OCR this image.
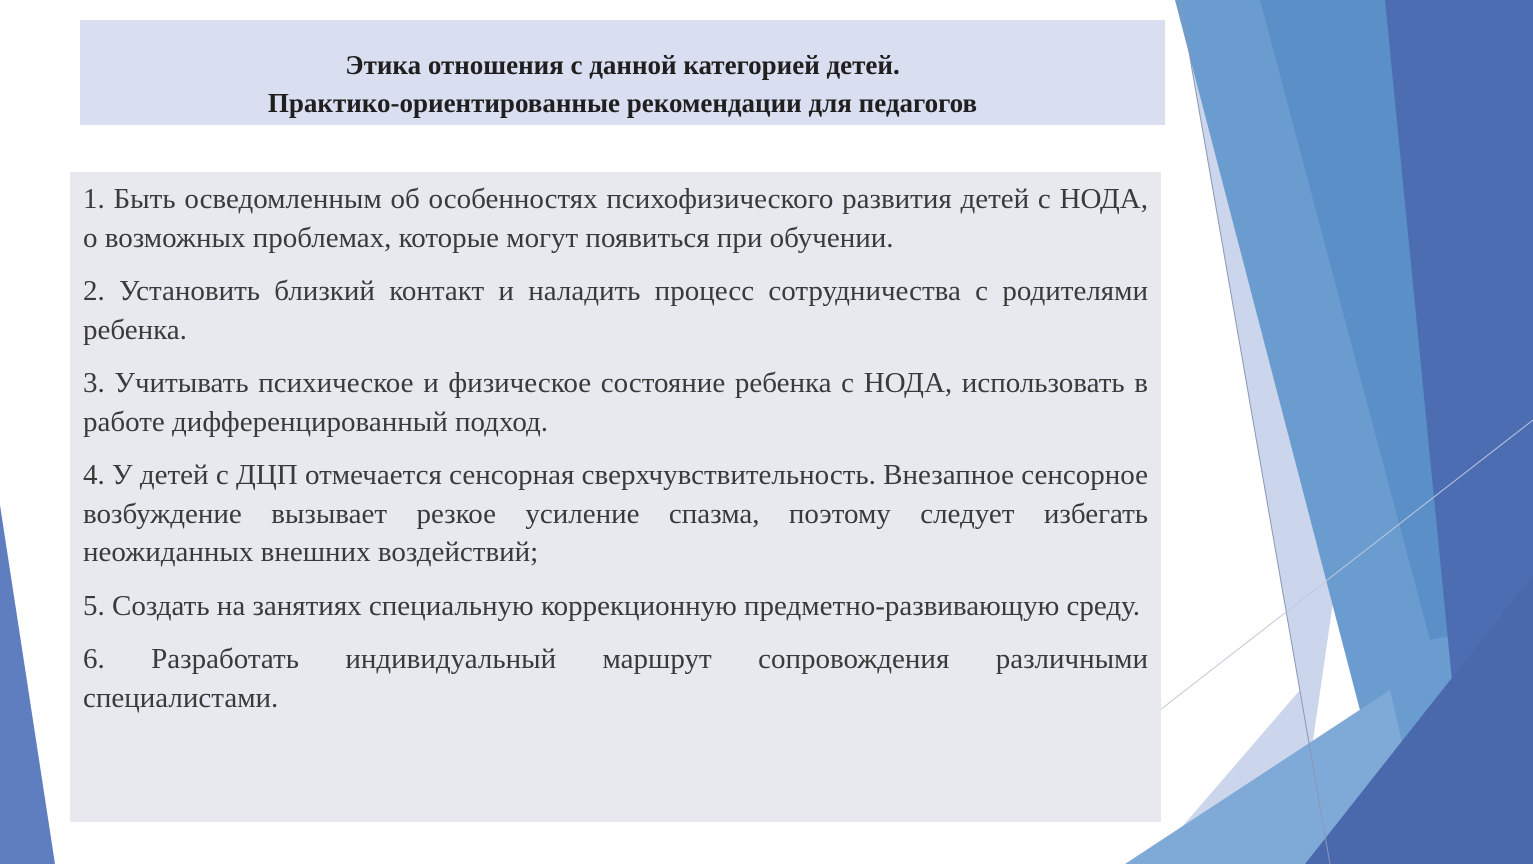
Этика отношения с данной категорией детей.
Практико-ориентированные рекомендации для педагогов

1. Быть осведомленным об особенностях психофизического развития детей с НОДА, о возможных проблемах, которые могут появиться при обучении.

2. Установить близкий контакт и наладить процесс сотрудничества с родителями ребенка.

3. Учитывать психическое и физическое состояние ребенка с НОДА, использовать в работе дифференцированный подход.

4. У детей с ДЦП отмечается сенсорная сверхчувствительность. Внезапное сенсорное возбуждение вызывает резкое усиление спазма, поэтому следует избегать неожиданных внешних воздействий;

5. Создать на занятиях специальную коррекционную предметно-развивающую среду.

6. Разработать индивидуальный маршрут сопровождения различными специалистами.
